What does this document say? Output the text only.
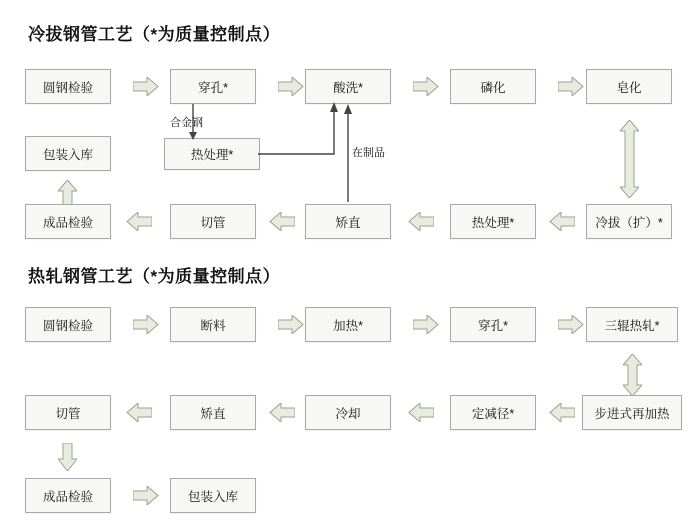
冷拔钢管工艺（*为质量控制点）
圆钢检验	穿孔*	酸洗*	磷化	皂化
包装入库
合金钢
热处理*	在制品
成品检验	切管	矫直	热处理*	冷拔（扩）*
热轧钢管工艺（*为质量控制点）
圆钢检验	断料	加热*	穿孔*	三辊热轧*
切管	矫直	冷却	定减径*	步进式再加热
成品检验	包装入库
